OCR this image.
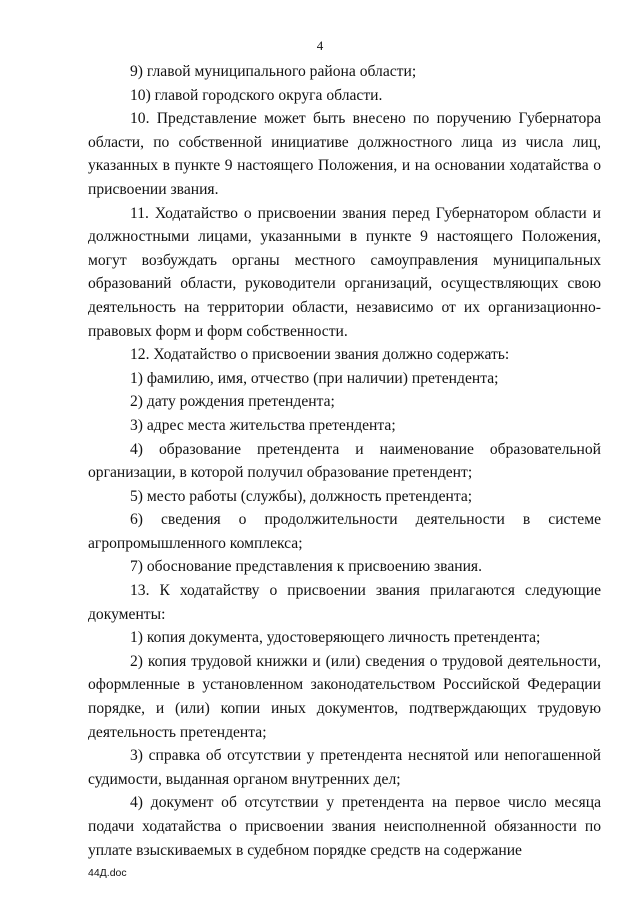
4

9) главой муниципального района области;

10) главой городского округа области.

10. Представление может быть внесено по поручению Губернатора области, по собственной инициативе должностного лица из числа лиц, указанных в пункте 9 настоящего Положения, и на основании ходатайства о присвоении звания.

11. Ходатайство о присвоении звания перед Губернатором области и должностными лицами, указанными в пункте 9 настоящего Положения, могут возбуждать органы местного самоуправления муниципальных образований области, руководители организаций, осуществляющих свою деятельность на территории области, независимо от их организационно-правовых форм и форм собственности.

12. Ходатайство о присвоении звания должно содержать:

1) фамилию, имя, отчество (при наличии) претендента;

2) дату рождения претендента;

3) адрес места жительства претендента;

4) образование претендента и наименование образовательной организации, в которой получил образование претендент;

5) место работы (службы), должность претендента;

6) сведения о продолжительности деятельности в системе агропромышленного комплекса;

7) обоснование представления к присвоению звания.

13. К ходатайству о присвоении звания прилагаются следующие документы:

1) копия документа, удостоверяющего личность претендента;

2) копия трудовой книжки и (или) сведения о трудовой деятельности, оформленные в установленном законодательством Российской Федерации порядке, и (или) копии иных документов, подтверждающих трудовую деятельность претендента;

3) справка об отсутствии у претендента неснятой или непогашенной судимости, выданная органом внутренних дел;

4) документ об отсутствии у претендента на первое число месяца подачи ходатайства о присвоении звания неисполненной обязанности по уплате взыскиваемых в судебном порядке средств на содержание

44Д.doc
